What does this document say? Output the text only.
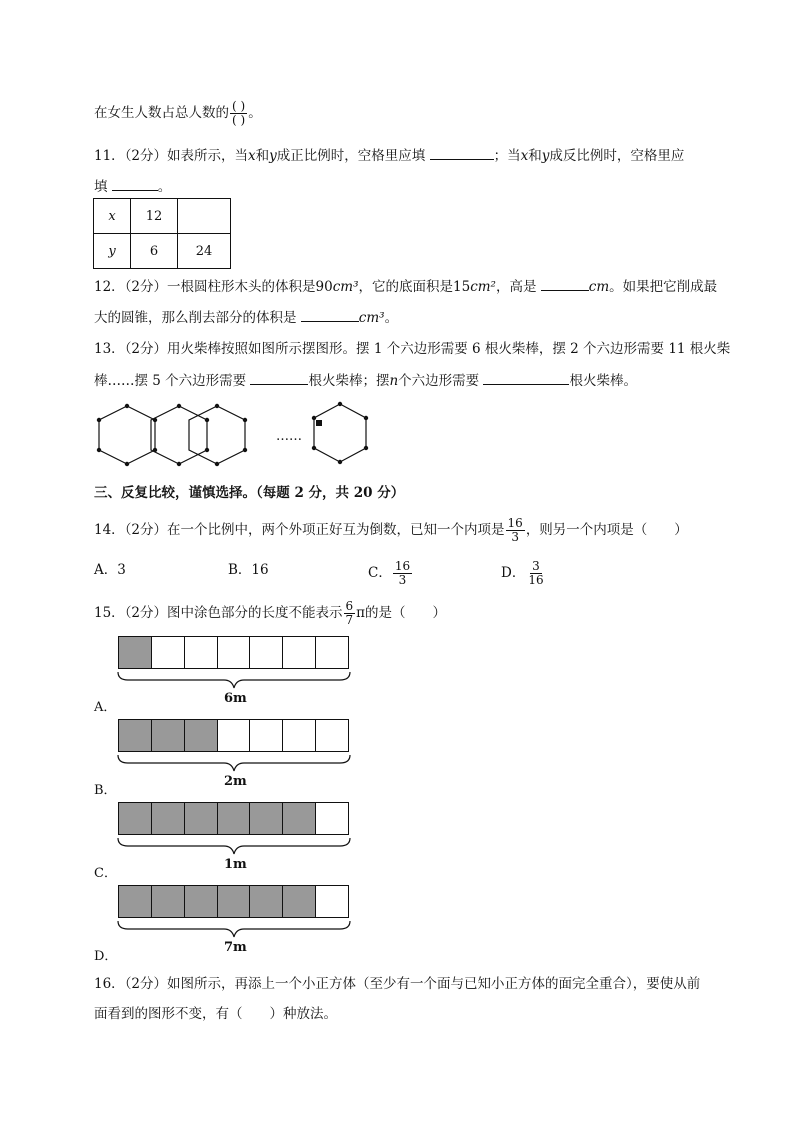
在女生人数占总人数的 $\frac{( )}{( )}$ 。
11．（2分）如表所示，当x和y成正比例时，空格里应填	；当x和y成反比例时，空格里应
填	。
x	12	
y	6	24
12．（2分）一根圆柱形木头的体积是90cm³，它的底面积是15cm²，高是	cm。如果把它削成最
大的圆锥，那么削去部分的体积是	cm³。
13．（2分）用火柴棒按照如图所示摆图形。摆 1 个六边形需要 6 根火柴棒，摆 2 个六边形需要 11 根火柴
棒……摆 5 个六边形需要	根火柴棒；摆n个六边形需要	根火柴棒。
……
三、反复比较，谨慎选择。（每题 2 分，共 20 分）
14．（2分）在一个比例中，两个外项正好互为倒数，已知一个内项是 $\frac{16}{3}$ ，则另一个内项是（　　）
A．3	B．16	C． $\frac{16}{3}$	D． $\frac{3}{16}$
15．（2分）图中涂色部分的长度不能表示 $\frac{6}{7}$ π的是（　　）
6m
A．
2m
B．
1m
C．
7m
D．
16．（2分）如图所示，再添上一个小正方体（至少有一个面与已知小正方体的面完全重合），要使从前
面看到的图形不变，有（　　）种放法。
